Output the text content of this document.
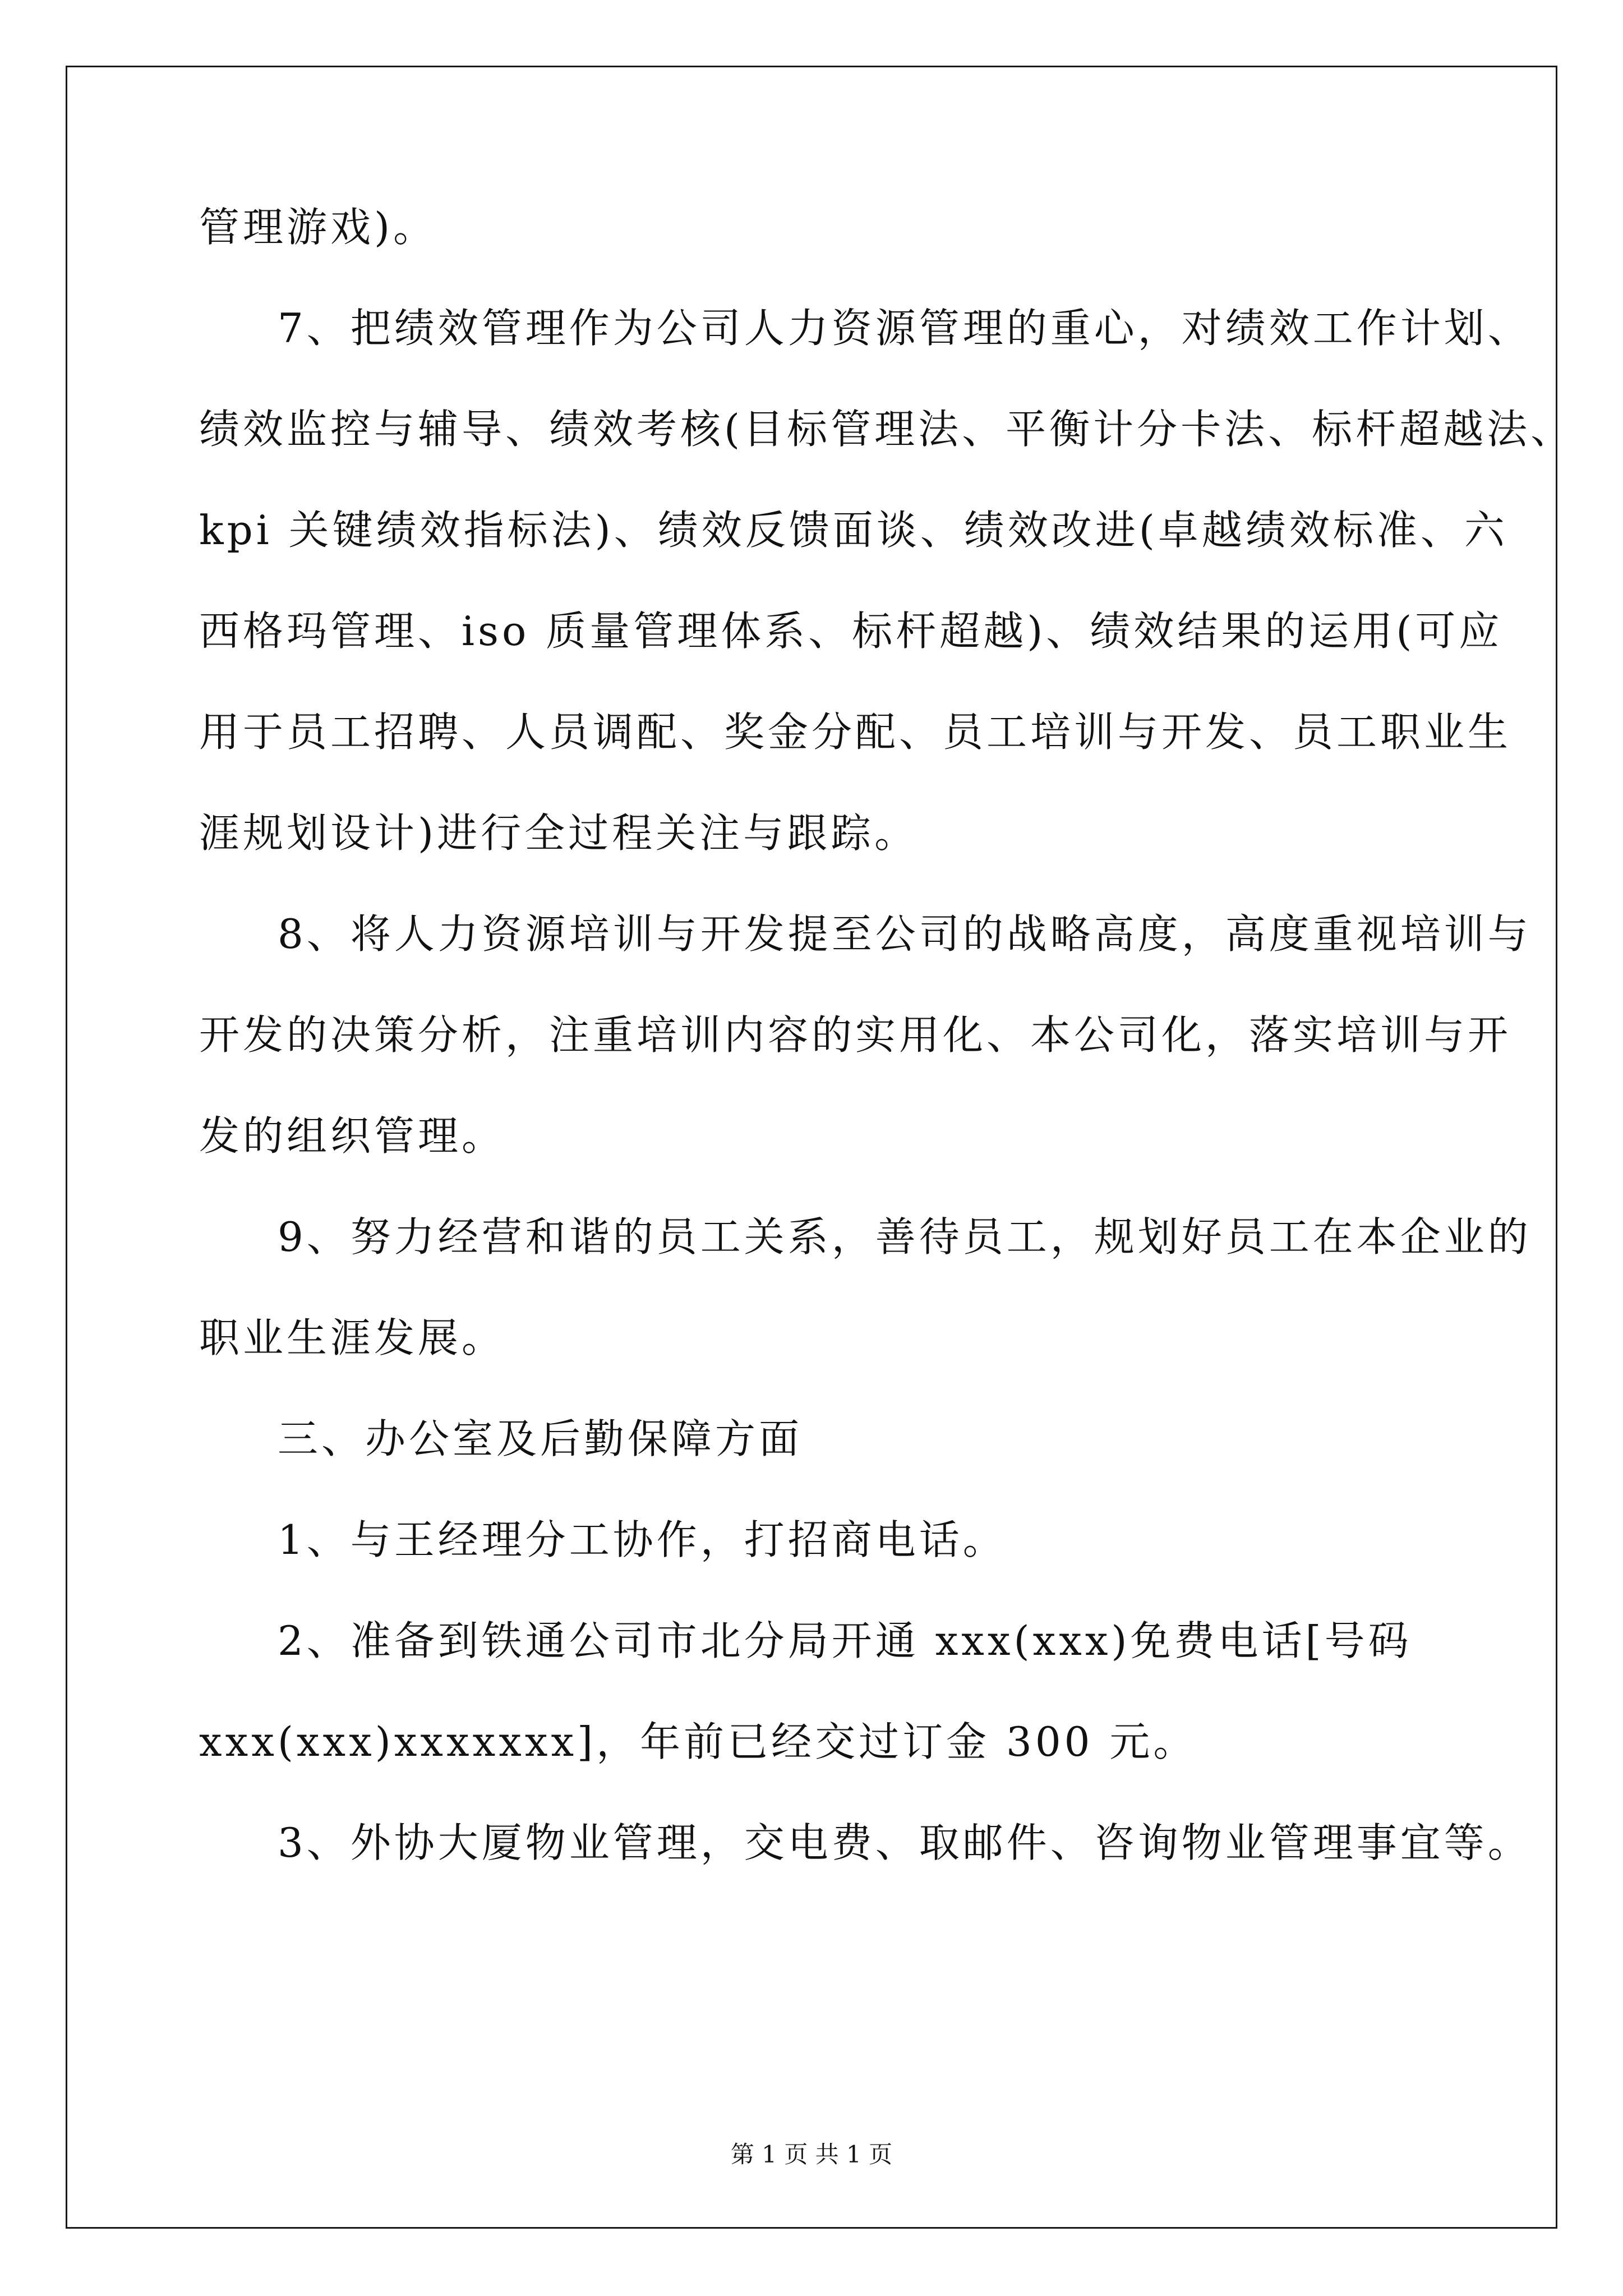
管理游戏)。
7、把绩效管理作为公司人力资源管理的重心，对绩效工作计划、
绩效监控与辅导、绩效考核(目标管理法、平衡计分卡法、标杆超越法、
kpi 关键绩效指标法)、绩效反馈面谈、绩效改进(卓越绩效标准、六
西格玛管理、iso 质量管理体系、标杆超越)、绩效结果的运用(可应
用于员工招聘、人员调配、奖金分配、员工培训与开发、员工职业生
涯规划设计)进行全过程关注与跟踪。
8、将人力资源培训与开发提至公司的战略高度，高度重视培训与
开发的决策分析，注重培训内容的实用化、本公司化，落实培训与开
发的组织管理。
9、努力经营和谐的员工关系，善待员工，规划好员工在本企业的
职业生涯发展。
三、办公室及后勤保障方面
1、与王经理分工协作，打招商电话。
2、准备到铁通公司市北分局开通 xxx(xxx)免费电话[号码
xxx(xxx)xxxxxxx]，年前已经交过订金 300 元。
3、外协大厦物业管理，交电费、取邮件、咨询物业管理事宜等。
第 1 页 共 1 页
